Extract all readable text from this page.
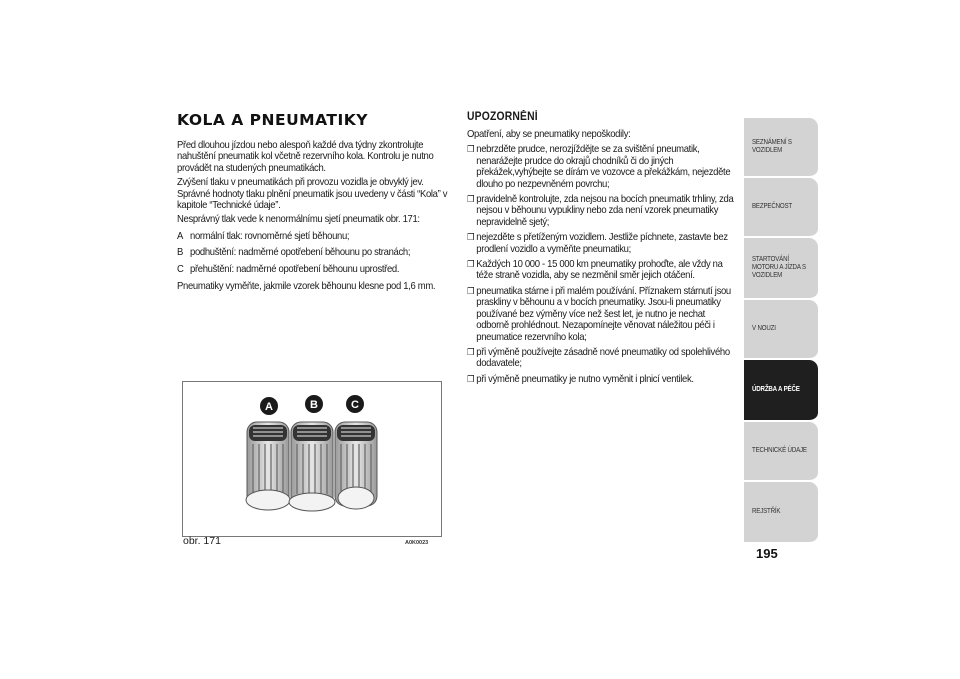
KOLA A PNEUMATIKY

Před dlouhou jízdou nebo alespoň každé dva týdny zkontrolujte nahuštění pneumatik kol včetně rezervního kola. Kontrolu je nutno provádět na studených pneumatikách.

Zvýšení tlaku v pneumatikách při provozu vozidla je obvyklý jev. Správné hodnoty tlaku plnění pneumatik jsou uvedeny v části “Kola” v kapitole “Technické údaje”.

Nesprávný tlak vede k nenormálnímu sjetí pneumatik obr. 171:

A normální tlak: rovnoměrné sjetí běhounu;
B podhuštění: nadměrné opotřebení běhounu po stranách;
C přehuštění: nadměrné opotřebení běhounu uprostřed.

Pneumatiky vyměňte, jakmile vzorek běhounu klesne pod 1,6 mm.

A	B	C
obr. 171	A0K0023
UPOZORNĚNÍ
Opatření, aby se pneumatiky nepoškodily:
❒ nebrzděte prudce, nerozjíždějte se za svištění pneumatik, nenarážejte prudce do okrajů chodníků či do jiných překážek,vyhýbejte se dírám ve vozovce a překážkám, nejezděte dlouho po nezpevněném povrchu;
❒ pravidelně kontrolujte, zda nejsou na bocích pneumatik trhliny, zda nejsou v běhounu vypukliny nebo zda není vzorek pneumatiky nepravidelně sjetý;
❒ nejezděte s přetíženým vozidlem. Jestliže píchnete, zastavte bez prodlení vozidlo a vyměňte pneumatiku;
❒ Každých 10 000 - 15 000 km pneumatiky prohoďte, ale vždy na téže straně vozidla, aby se nezměnil směr jejich otáčení.
❒ pneumatika stárne i při malém používání. Příznakem stárnutí jsou praskliny v běhounu a v bocích pneumatiky. Jsou-li pneumatiky používané bez výměny více než šest let, je nutno je nechat odborně prohlédnout. Nezapomínejte věnovat náležitou péči i pneumatice rezervního kola;
❒ při výměně používejte zásadně nové pneumatiky od spolehlivého dodavatele;
❒ při výměně pneumatiky je nutno vyměnit i plnicí ventilek.
SEZNÁMENÍ S VOZIDLEM
BEZPEČNOST
STARTOVÁNÍ MOTORU A JÍZDA S VOZIDLEM
V NOUZI
ÚDRŽBA A PÉČE
TECHNICKÉ ÚDAJE
REJSTŘÍK
195
